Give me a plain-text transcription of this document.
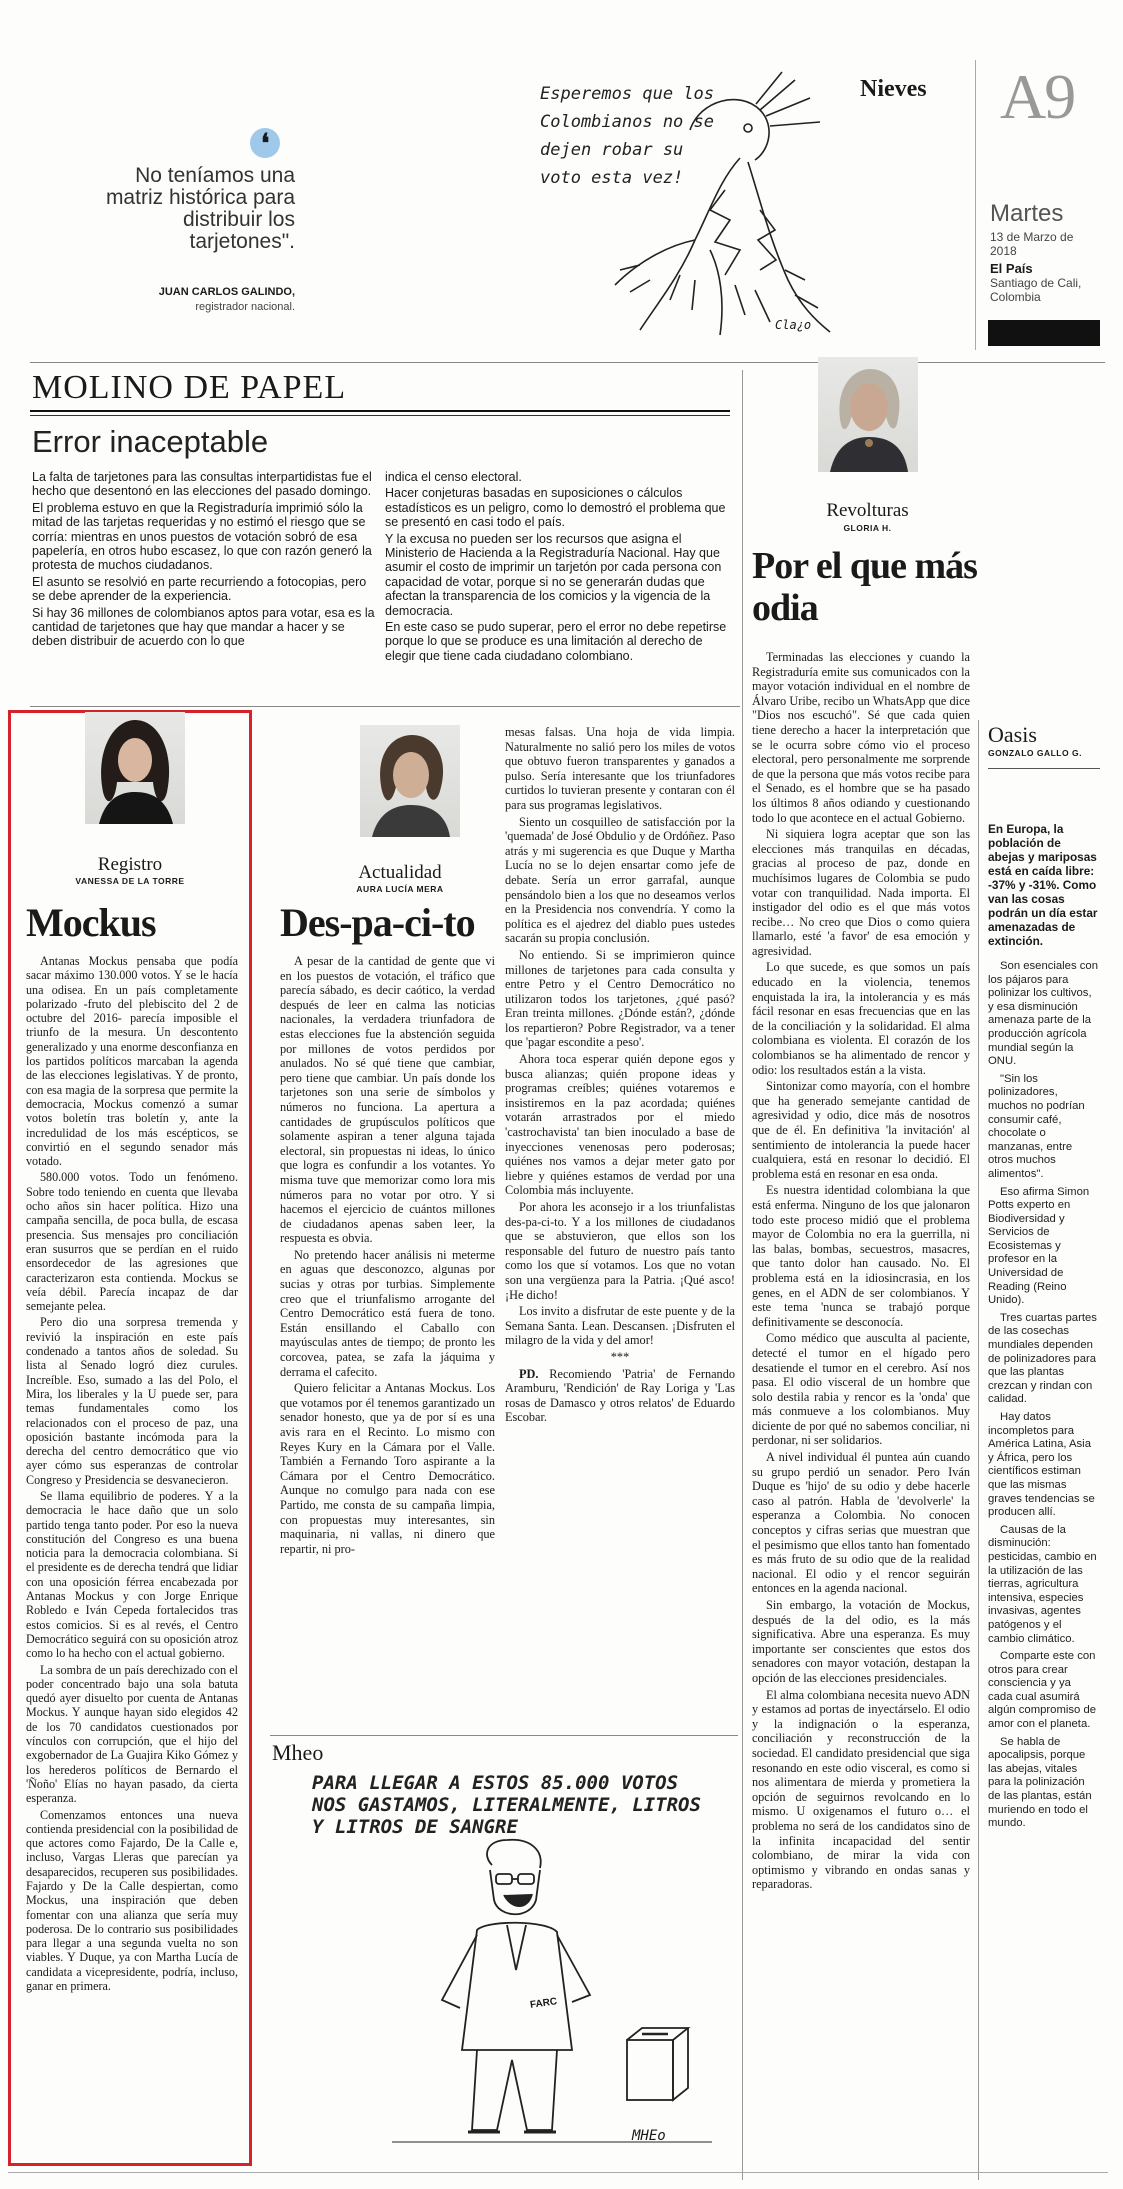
Nieves A9
Martes
13 de Marzo de 2018
El País
Santiago de Cali, Colombia
❛
No teníamos una matriz histórica para distribuir los tarjetones".
JUAN CARLOS GALINDO,
registrador nacional.
Esperemos que los Colombianos no se dejen robar su voto esta vez!
Cla¿o
MOLINO DE PAPEL
Error inaceptable

La falta de tarjetones para las consultas interpartidistas fue el hecho que desentonó en las elecciones del pasado domingo.

El problema estuvo en que la Registraduría imprimió sólo la mitad de las tarjetas requeridas y no estimó el riesgo que se corría: mientras en unos puestos de votación sobró de esa papelería, en otros hubo escasez, lo que con razón generó la protesta de muchos ciudadanos.

El asunto se resolvió en parte recurriendo a fotocopias, pero se debe aprender de la experiencia.

Si hay 36 millones de colombianos aptos para votar, esa es la cantidad de tarjetones que hay que mandar a hacer y se deben distribuir de acuerdo con lo que

indica el censo electoral.

Hacer conjeturas basadas en suposiciones o cálculos estadísticos es un peligro, como lo demostró el problema que se presentó en casi todo el país.

Y la excusa no pueden ser los recursos que asigna el Ministerio de Hacienda a la Registraduría Nacional. Hay que asumir el costo de imprimir un tarjetón por cada persona con capacidad de votar, porque si no se generarán dudas que afectan la transparencia de los comicios y la vigencia de la democracia.

En este caso se pudo superar, pero el error no debe repetirse porque lo que se produce es una limitación al derecho de elegir que tiene cada ciudadano colombiano.

Revolturas
GLORIA H.
Por el que más odia

Terminadas las elecciones y cuando la Registraduría emite sus comunicados con la mayor votación individual en el nombre de Álvaro Uribe, recibo un WhatsApp que dice "Dios nos escuchó". Sé que cada quien tiene derecho a hacer la interpretación que se le ocurra sobre cómo vio el proceso electoral, pero personalmente me sorprende de que la persona que más votos recibe para el Senado, es el hombre que se ha pasado los últimos 8 años odiando y cuestionando todo lo que acontece en el actual Gobierno.

Ni siquiera logra aceptar que son las elecciones más tranquilas en décadas, gracias al proceso de paz, donde en muchísimos lugares de Colombia se pudo votar con tranquilidad. Nada importa. El instigador del odio es el que más votos recibe… No creo que Dios o como quiera llamarlo, esté 'a favor' de esa emoción y agresividad.

Lo que sucede, es que somos un país educado en la violencia, tenemos enquistada la ira, la intolerancia y es más fácil resonar en esas frecuencias que en las de la conciliación y la solidaridad. El alma colombiana es violenta. El corazón de los colombianos se ha alimentado de rencor y odio: los resultados están a la vista.

Sintonizar como mayoría, con el hombre que ha generado semejante cantidad de agresividad y odio, dice más de nosotros que de él. En definitiva 'la invitación' al sentimiento de intolerancia la puede hacer cualquiera, está en resonar lo decidió. El problema está en resonar en esa onda.

Es nuestra identidad colombiana la que está enferma. Ninguno de los que jalonaron todo este proceso midió que el problema mayor de Colombia no era la guerrilla, ni las balas, bombas, secuestros, masacres, que tanto dolor han causado. No. El problema está en la idiosincrasia, en los genes, en el ADN de ser colombianos. Y este tema 'nunca se trabajó porque definitivamente se desconocía.

Como médico que ausculta al paciente, detecté el tumor en el hígado pero desatiende el tumor en el cerebro. Así nos pasa. El odio visceral de un hombre que solo destila rabia y rencor es la 'onda' que más conmueve a los colombianos. Muy diciente de por qué no sabemos conciliar, ni perdonar, ni ser solidarios.

A nivel individual él puntea aún cuando su grupo perdió un senador. Pero Iván Duque es 'hijo' de su odio y debe hacerle caso al patrón. Habla de 'devolverle' la esperanza a Colombia. No conocen conceptos y cifras serias que muestran que el pesimismo que ellos tanto han fomentado es más fruto de su odio que de la realidad nacional. El odio y el rencor seguirán entonces en la agenda nacional.

Sin embargo, la votación de Mockus, después de la del odio, es la más significativa. Abre una esperanza. Es muy importante ser conscientes que estos dos senadores con mayor votación, destapan la opción de las elecciones presidenciales.

El alma colombiana necesita nuevo ADN y estamos ad portas de inyectárselo. El odio y la indignación o la esperanza, conciliación y reconstrucción de la sociedad. El candidato presidencial que siga resonando en este odio visceral, es como si nos alimentara de mierda y prometiera la opción de seguirnos revolcando en lo mismo. U oxigenamos el futuro o… el problema no será de los candidatos sino de la infinita incapacidad del sentir colombiano, de mirar la vida con optimismo y vibrando en ondas sanas y reparadoras.

Oasis
GONZALO GALLO G.
En Europa, la población de abejas y mariposas está en caída libre: -37% y -31%. Como van las cosas podrán un día estar amenazadas de extinción.

Son esenciales con los pájaros para polinizar los cultivos, y esa disminución amenaza parte de la producción agrícola mundial según la ONU.

"Sin los polinizadores, muchos no podrían consumir café, chocolate o manzanas, entre otros muchos alimentos".

Eso afirma Simon Potts experto en Biodiversidad y Servicios de Ecosistemas y profesor en la Universidad de Reading (Reino Unido).

Tres cuartas partes de las cosechas mundiales dependen de polinizadores para que las plantas crezcan y rindan con calidad.

Hay datos incompletos para América Latina, Asia y África, pero los científicos estiman que las mismas graves tendencias se producen allí.

Causas de la disminución: pesticidas, cambio en la utilización de las tierras, agricultura intensiva, especies invasivas, agentes patógenos y el cambio climático.

Comparte este con otros para crear consciencia y ya cada cual asumirá algún compromiso de amor con el planeta.

Se habla de apocalipsis, porque las abejas, vitales para la polinización de las plantas, están muriendo en todo el mundo.

Registro
VANESSA DE LA TORRE
Mockus

Antanas Mockus pensaba que podía sacar máximo 130.000 votos. Y se le hacía una odisea. En un país completamente polarizado -fruto del plebiscito del 2 de octubre del 2016- parecía imposible el triunfo de la mesura. Un descontento generalizado y una enorme desconfianza en los partidos políticos marcaban la agenda de las elecciones legislativas. Y de pronto, con esa magia de la sorpresa que permite la democracia, Mockus comenzó a sumar votos boletín tras boletín y, ante la incredulidad de los más escépticos, se convirtió en el segundo senador más votado.

580.000 votos. Todo un fenómeno. Sobre todo teniendo en cuenta que llevaba ocho años sin hacer política. Hizo una campaña sencilla, de poca bulla, de escasa presencia. Sus mensajes pro conciliación eran susurros que se perdían en el ruido ensordecedor de las agresiones que caracterizaron esta contienda. Mockus se veía débil. Parecía incapaz de dar semejante pelea.

Pero dio una sorpresa tremenda y revivió la inspiración en este país condenado a tantos años de soledad. Su lista al Senado logró diez curules. Increíble. Eso, sumado a las del Polo, el Mira, los liberales y la U puede ser, para temas fundamentales como los relacionados con el proceso de paz, una oposición bastante incómoda para la derecha del centro democrático que vio ayer cómo sus esperanzas de controlar Congreso y Presidencia se desvanecieron.

Se llama equilibrio de poderes. Y a la democracia le hace daño que un solo partido tenga tanto poder. Por eso la nueva constitución del Congreso es una buena noticia para la democracia colombiana. Si el presidente es de derecha tendrá que lidiar con una oposición férrea encabezada por Antanas Mockus y con Jorge Enrique Robledo e Iván Cepeda fortalecidos tras estos comicios. Si es al revés, el Centro Democrático seguirá con su oposición atroz como lo ha hecho con el actual gobierno.

La sombra de un país derechizado con el poder concentrado bajo una sola batuta quedó ayer disuelto por cuenta de Antanas Mockus. Y aunque hayan sido elegidos 42 de los 70 candidatos cuestionados por vínculos con corrupción, que el hijo del exgobernador de La Guajira Kiko Gómez y los herederos políticos de Bernardo el 'Ñoño' Elías no hayan pasado, da cierta esperanza.

Comenzamos entonces una nueva contienda presidencial con la posibilidad de que actores como Fajardo, De la Calle e, incluso, Vargas Lleras que parecían ya desaparecidos, recuperen sus posibilidades. Fajardo y De la Calle despiertan, como Mockus, una inspiración que deben fomentar con una alianza que sería muy poderosa. De lo contrario sus posibilidades para llegar a una segunda vuelta no son viables. Y Duque, ya con Martha Lucía de candidata a vicepresidente, podría, incluso, ganar en primera.

Actualidad
AURA LUCÍA MERA
Des-pa-ci-to

A pesar de la cantidad de gente que vi en los puestos de votación, el tráfico que parecía sábado, es decir caótico, la verdad después de leer en calma las noticias nacionales, la verdadera triunfadora de estas elecciones fue la abstención seguida por millones de votos perdidos por anulados. No sé qué tiene que cambiar, pero tiene que cambiar. Un país donde los tarjetones son una serie de símbolos y números no funciona. La apertura a cantidades de grupúsculos políticos que solamente aspiran a tener alguna tajada electoral, sin propuestas ni ideas, lo único que logra es confundir a los votantes. Yo misma tuve que memorizar como lora mis números para no votar por otro. Y si hacemos el ejercicio de cuántos millones de ciudadanos apenas saben leer, la respuesta es obvia.

No pretendo hacer análisis ni meterme en aguas que desconozco, algunas por sucias y otras por turbias. Simplemente creo que el triunfalismo arrogante del Centro Democrático está fuera de tono. Están ensillando el Caballo con mayúsculas antes de tiempo; de pronto les corcovea, patea, se zafa la jáquima y derrama el cafecito.

Quiero felicitar a Antanas Mockus. Los que votamos por él tenemos garantizado un senador honesto, que ya de por sí es una avis rara en el Recinto. Lo mismo con Reyes Kury en la Cámara por el Valle. También a Fernando Toro aspirante a la Cámara por el Centro Democrático. Aunque no comulgo para nada con ese Partido, me consta de su campaña limpia, con propuestas muy interesantes, sin maquinaria, ni vallas, ni dinero que repartir, ni pro-

mesas falsas. Una hoja de vida limpia. Naturalmente no salió pero los miles de votos que obtuvo fueron transparentes y ganados a pulso. Sería interesante que los triunfadores curtidos lo tuvieran presente y contaran con él para sus programas legislativos.

Siento un cosquilleo de satisfacción por la 'quemada' de José Obdulio y de Ordóñez. Paso atrás y mi sugerencia es que Duque y Martha Lucía no se lo dejen ensartar como jefe de debate. Sería un error garrafal, aunque pensándolo bien a los que no deseamos verlos en la Presidencia nos convendría. Y como la política es el ajedrez del diablo pues ustedes sacarán su propia conclusión.

No entiendo. Si se imprimieron quince millones de tarjetones para cada consulta y entre Petro y el Centro Democrático no utilizaron todos los tarjetones, ¿qué pasó? Eran treinta millones. ¿Dónde están?, ¿dónde los repartieron? Pobre Registrador, va a tener que 'pagar escondite a peso'.

Ahora toca esperar quién depone egos y busca alianzas; quién propone ideas y programas creíbles; quiénes votaremos e insistiremos en la paz acordada; quiénes votarán arrastrados por el miedo 'castrochavista' tan bien inoculado a base de inyecciones venenosas pero poderosas; quiénes nos vamos a dejar meter gato por liebre y quiénes estamos de verdad por una Colombia más incluyente.

Por ahora les aconsejo ir a los triunfalistas des-pa-ci-to. Y a los millones de ciudadanos que se abstuvieron, que ellos son los responsable del futuro de nuestro país tanto como los que sí votamos. Los que no votan son una vergüenza para la Patria. ¡Qué asco! ¡He dicho!

Los invito a disfrutar de este puente y de la Semana Santa. Lean. Descansen. ¡Disfruten el milagro de la vida y del amor!

***

PD. Recomiendo 'Patria' de Fernando Aramburu, 'Rendición' de Ray Loriga y 'Las rosas de Damasco y otros relatos' de Eduardo Escobar.

Mheo
PARA LLEGAR A ESTOS 85.000 VOTOS NOS GASTAMOS, LITERALMENTE, LITROS Y LITROS DE SANGRE
FARC
MHEo
